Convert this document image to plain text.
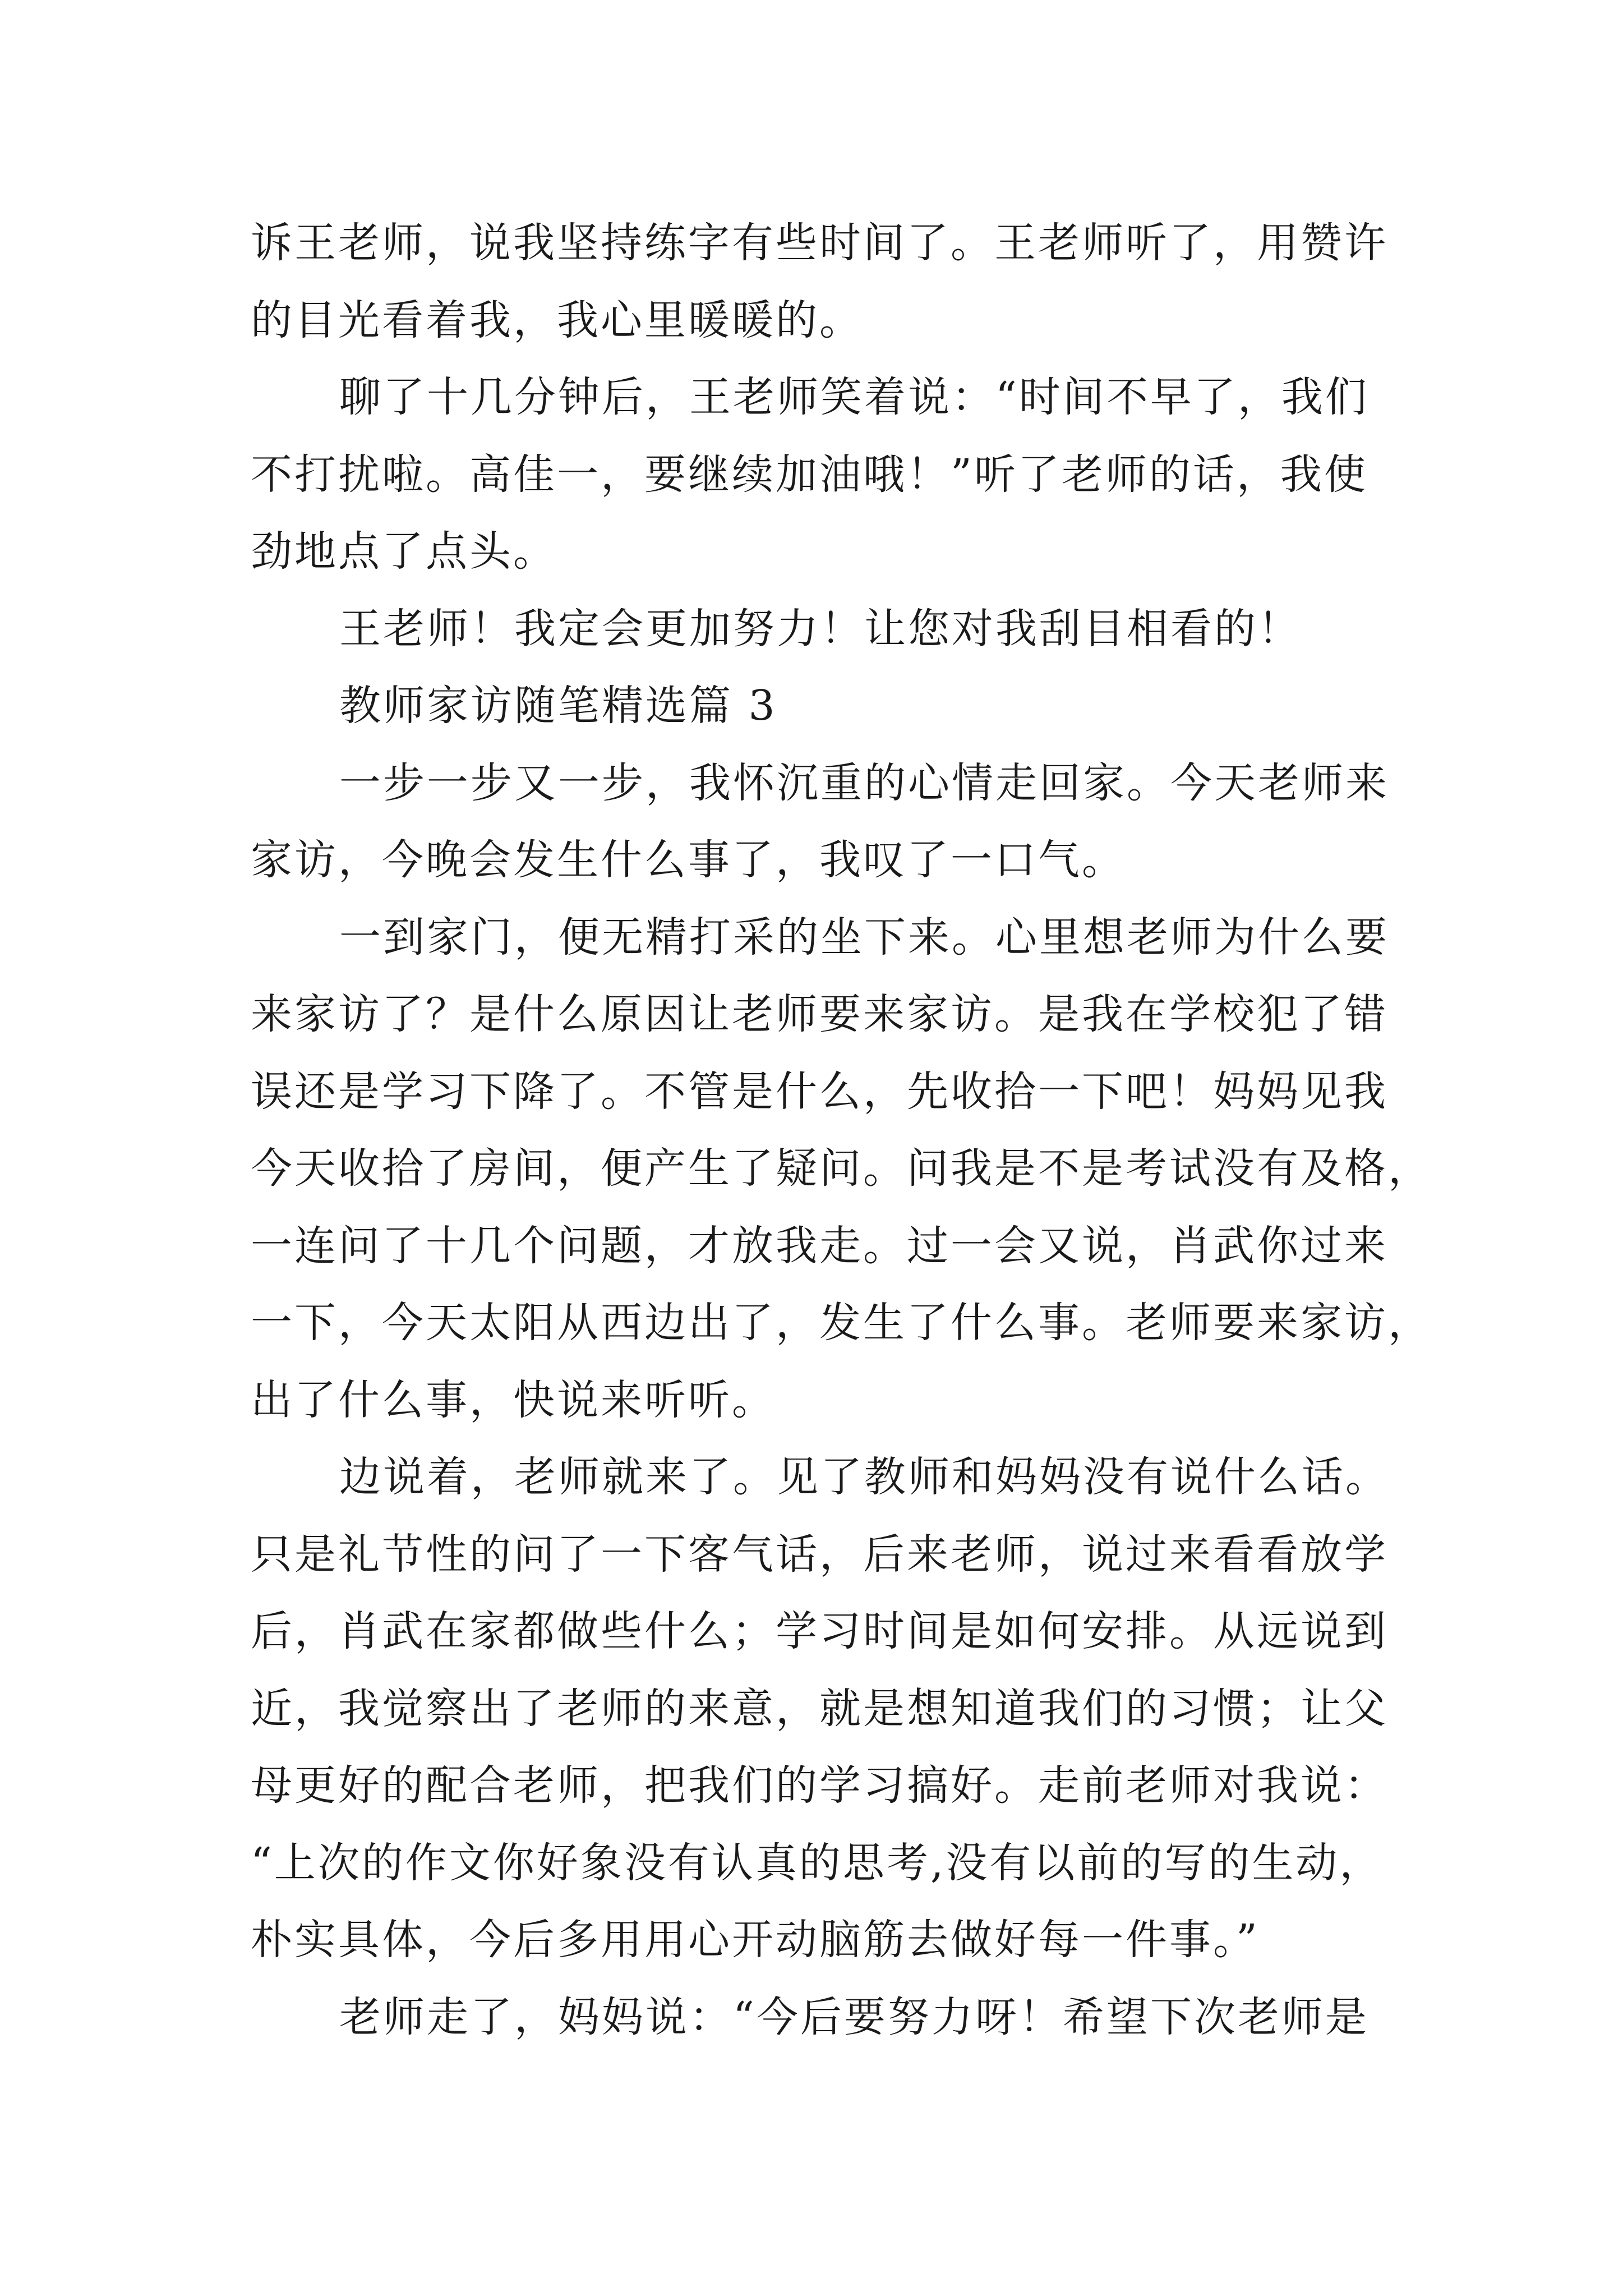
诉王老师，说我坚持练字有些时间了。王老师听了，用赞许
的目光看着我，我心里暖暖的。
聊了十几分钟后，王老师笑着说：“时间不早了，我们
不打扰啦。高佳一，要继续加油哦！”听了老师的话，我使
劲地点了点头。
王老师！我定会更加努力！让您对我刮目相看的！
教师家访随笔精选篇 3
一步一步又一步，我怀沉重的心情走回家。今天老师来
家访，今晚会发生什么事了，我叹了一口气。
一到家门，便无精打采的坐下来。心里想老师为什么要
来家访了？是什么原因让老师要来家访。是我在学校犯了错
误还是学习下降了。不管是什么，先收拾一下吧！妈妈见我
今天收拾了房间，便产生了疑问。问我是不是考试没有及格，
一连问了十几个问题，才放我走。过一会又说，肖武你过来
一下，今天太阳从西边出了，发生了什么事。老师要来家访，
出了什么事，快说来听听。
边说着，老师就来了。见了教师和妈妈没有说什么话。
只是礼节性的问了一下客气话，后来老师，说过来看看放学
后，肖武在家都做些什么；学习时间是如何安排。从远说到
近，我觉察出了老师的来意，就是想知道我们的习惯；让父
母更好的配合老师，把我们的学习搞好。走前老师对我说：
“上次的作文你好象没有认真的思考,没有以前的写的生动，
朴实具体，今后多用用心开动脑筋去做好每一件事。”
老师走了，妈妈说：“今后要努力呀！希望下次老师是
